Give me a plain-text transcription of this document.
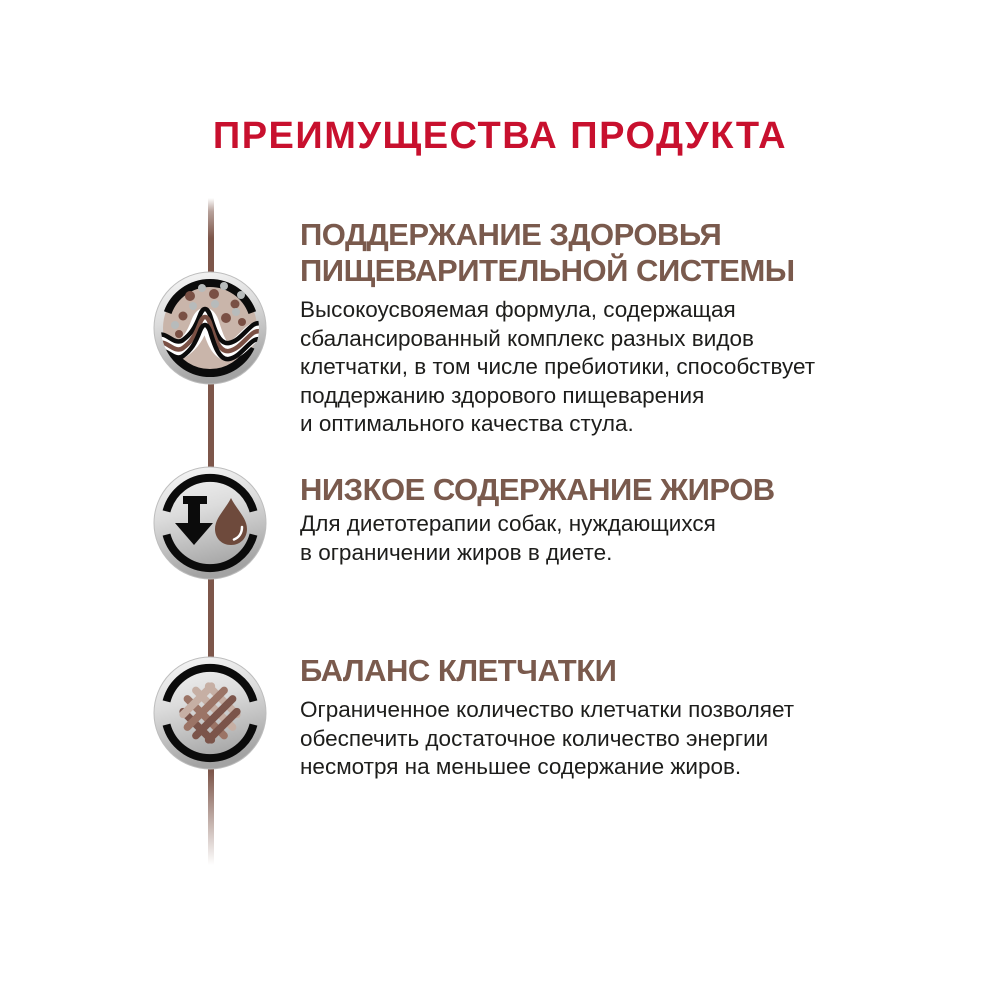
ПРЕИМУЩЕСТВА ПРОДУКТА
ПОДДЕРЖАНИЕ ЗДОРОВЬЯ
ПИЩЕВАРИТЕЛЬНОЙ СИСТЕМЫ
Высокоусвояемая формула, содержащая
сбалансированный комплекс разных видов
клетчатки, в том числе пребиотики, способствует
поддержанию здорового пищеварения
и оптимального качества стула.
НИЗКОЕ СОДЕРЖАНИЕ ЖИРОВ
Для диетотерапии собак, нуждающихся
в ограничении жиров в диете.
БАЛАНС КЛЕТЧАТКИ
Ограниченное количество клетчатки позволяет
обеспечить достаточное количество энергии
несмотря на меньшее содержание жиров.
